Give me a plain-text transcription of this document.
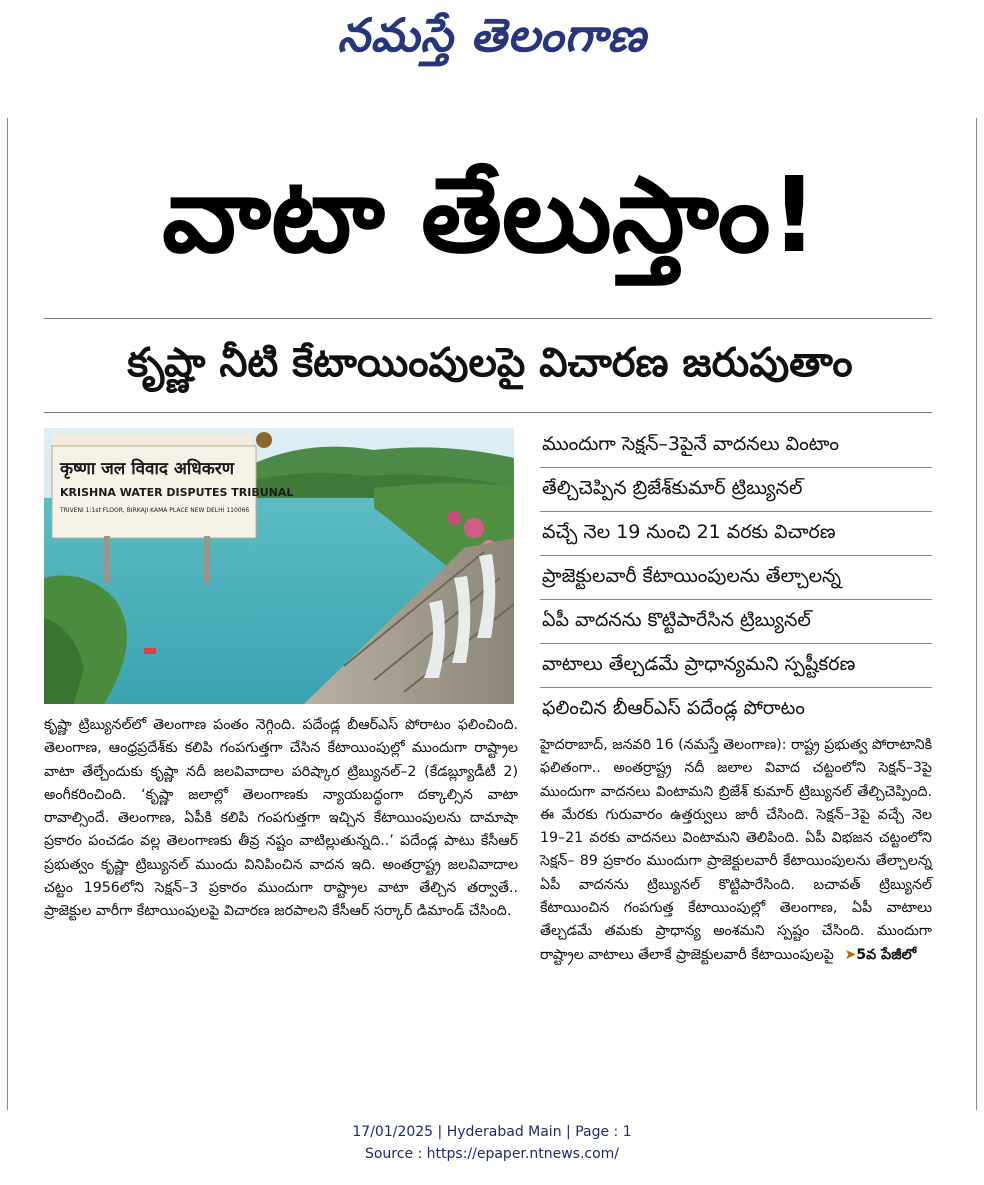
నమస్తే తెలంగాణ
వాటా తేలుస్తాం!
కృష్ణా నీటి కేటాయింపులపై విచారణ జరుపుతాం
कृष्णा जल विवाद अधिकरण
KRISHNA WATER DISPUTES TRIBUNAL
TRIVENI 1:1st FLOOR, BIRKAJI KAMA PLACE NEW DELHI 110066
ముందుగా సెక్షన్–3పైనే వాదనలు వింటాం
తేల్చిచెప్పిన బ్రిజేశ్‌కుమార్ ట్రిబ్యునల్
వచ్చే నెల 19 నుంచి 21 వరకు విచారణ
ప్రాజెక్టులవారీ కేటాయింపులను తేల్చాలన్న
ఏపీ వాదనను కొట్టిపారేసిన ట్రిబ్యునల్
వాటాలు తేల్చడమే ప్రాధాన్యమని స్పష్టీకరణ
ఫలించిన బీఆర్‌ఎస్ పదేండ్ల పోరాటం
కృష్ణా ట్రిబ్యునల్‌లో తెలంగాణ పంతం నెగ్గింది. పదేండ్ల బీఆర్‌ఎస్ పోరాటం ఫలించింది. తెలంగాణ, ఆంధ్రప్రదేశ్‌కు కలిపి గంపగుత్తగా చేసిన కేటాయింపుల్లో ముందుగా రాష్ట్రాల వాటా తేల్చేందుకు కృష్ణా నదీ జలవివాదాల పరిష్కార ట్రిబ్యునల్–2 (కేడబ్ల్యూడీటీ 2) అంగీకరించింది. ‘కృష్ణా జలాల్లో తెలంగాణకు న్యాయబద్ధంగా దక్కాల్సిన వాటా రావాల్సిందే. తెలంగాణ, ఏపీకి కలిపి గంపగుత్తగా ఇచ్చిన కేటాయింపులను దామాషా ప్రకారం పంచడం వల్ల తెలంగాణకు తీవ్ర నష్టం వాటిల్లుతున్నది..’ పదేండ్ల పాటు కేసీఆర్ ప్రభుత్వం కృష్ణా ట్రిబ్యునల్ ముందు వినిపించిన వాదన ఇది. అంతర్రాష్ట్ర జలవివాదాల చట్టం 1956లోని సెక్షన్–3 ప్రకారం ముందుగా రాష్ట్రాల వాటా తేల్చిన తర్వాతే.. ప్రాజెక్టుల వారీగా కేటాయింపులపై విచారణ జరపాలని కేసీఆర్ సర్కార్ డిమాండ్ చేసింది.
హైదరాబాద్, జనవరి 16 (నమస్తే తెలంగాణ): రాష్ట్ర ప్రభుత్వ పోరాటానికి ఫలితంగా.. అంతర్రాష్ట్ర నదీ జలాల వివాద చట్టంలోని సెక్షన్–3పై ముందుగా వాదనలు వింటామని బ్రిజేశ్ కుమార్ ట్రిబ్యునల్ తేల్చిచెప్పింది. ఈ మేరకు గురువారం ఉత్తర్వులు జారీ చేసింది. సెక్షన్–3పై వచ్చే నెల 19–21 వరకు వాదనలు వింటామని తెలిపింది. ఏపీ విభజన చట్టంలోని సెక్షన్– 89 ప్రకారం ముందుగా ప్రాజెక్టులవారీ కేటాయింపులను తేల్చాలన్న ఏపీ వాదనను ట్రిబ్యునల్ కొట్టిపారేసింది. బచావత్ ట్రిబ్యునల్ కేటాయించిన గంపగుత్త కేటాయింపుల్లో తెలంగాణ, ఏపీ వాటాలు తేల్చడమే తమకు ప్రాధాన్య అంశమని స్పష్టం చేసింది. ముందుగా రాష్ట్రాల వాటాలు తేలాకే ప్రాజెక్టులవారీ కేటాయింపులపై ➤5వ పేజీలో
17/01/2025 | Hyderabad Main | Page : 1
Source : https://epaper.ntnews.com/
